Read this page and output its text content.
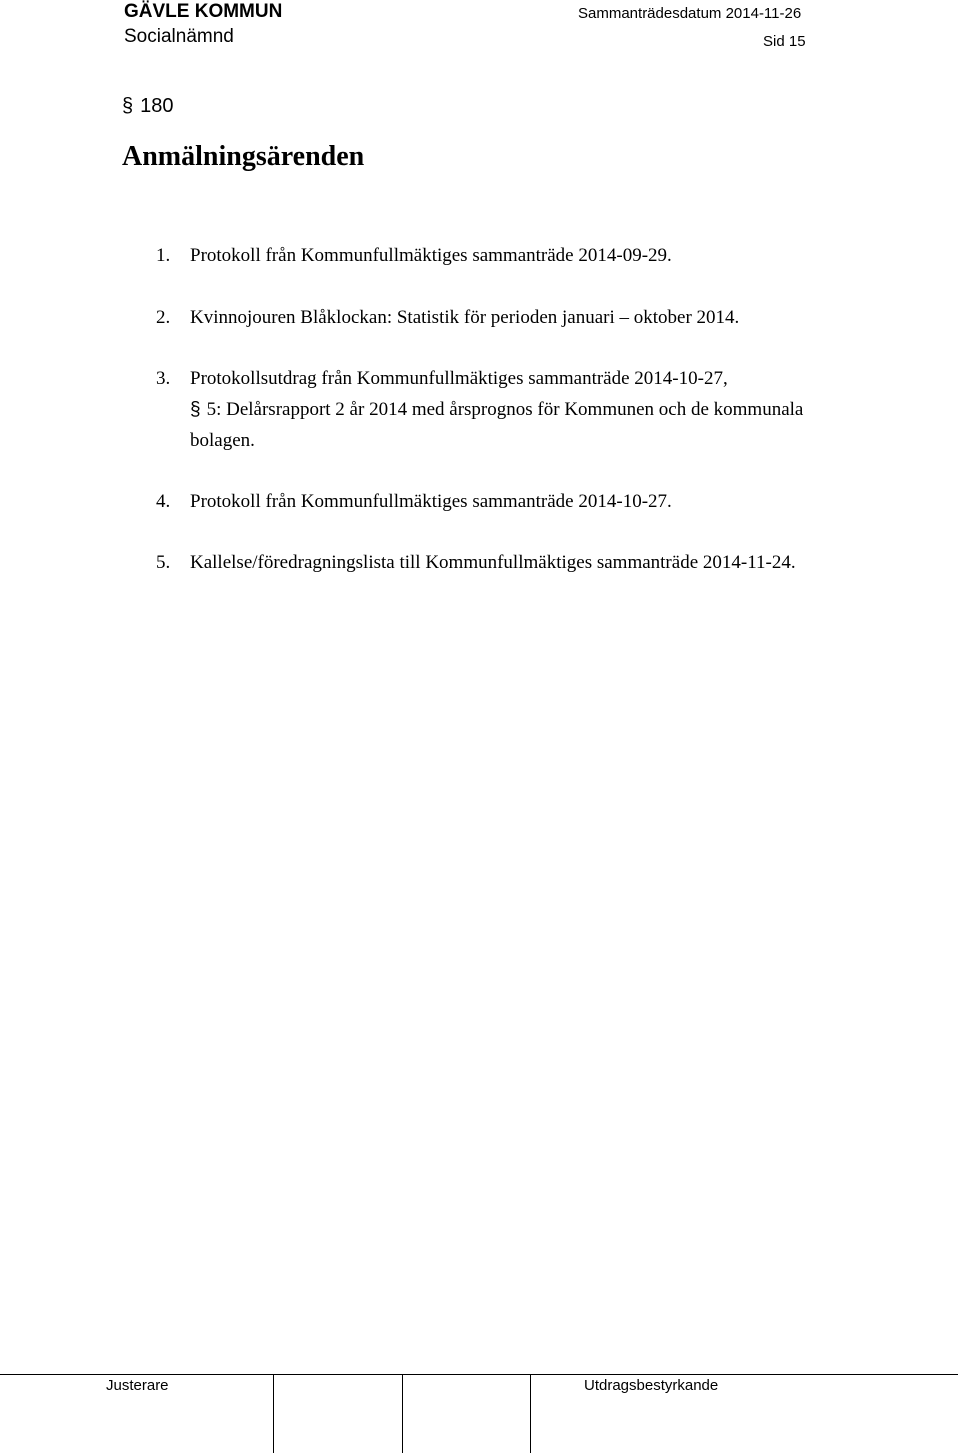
GÄVLE KOMMUN
Socialnämnd
Sammanträdesdatum 2014-11-26
Sid 15
§ 180
Anmälningsärenden
1. Protokoll från Kommunfullmäktiges sammanträde 2014-09-29.
2. Kvinnojouren Blåklockan: Statistik för perioden januari – oktober 2014.
3. Protokollsutdrag från Kommunfullmäktiges sammanträde 2014-10-27,
§ 5: Delårsrapport 2 år 2014 med årsprognos för Kommunen och de kommunala bolagen.
4. Protokoll från Kommunfullmäktiges sammanträde 2014-10-27.
5. Kallelse/föredragningslista till Kommunfullmäktiges sammanträde 2014-11-24.
Justerare	Utdragsbestyrkande
